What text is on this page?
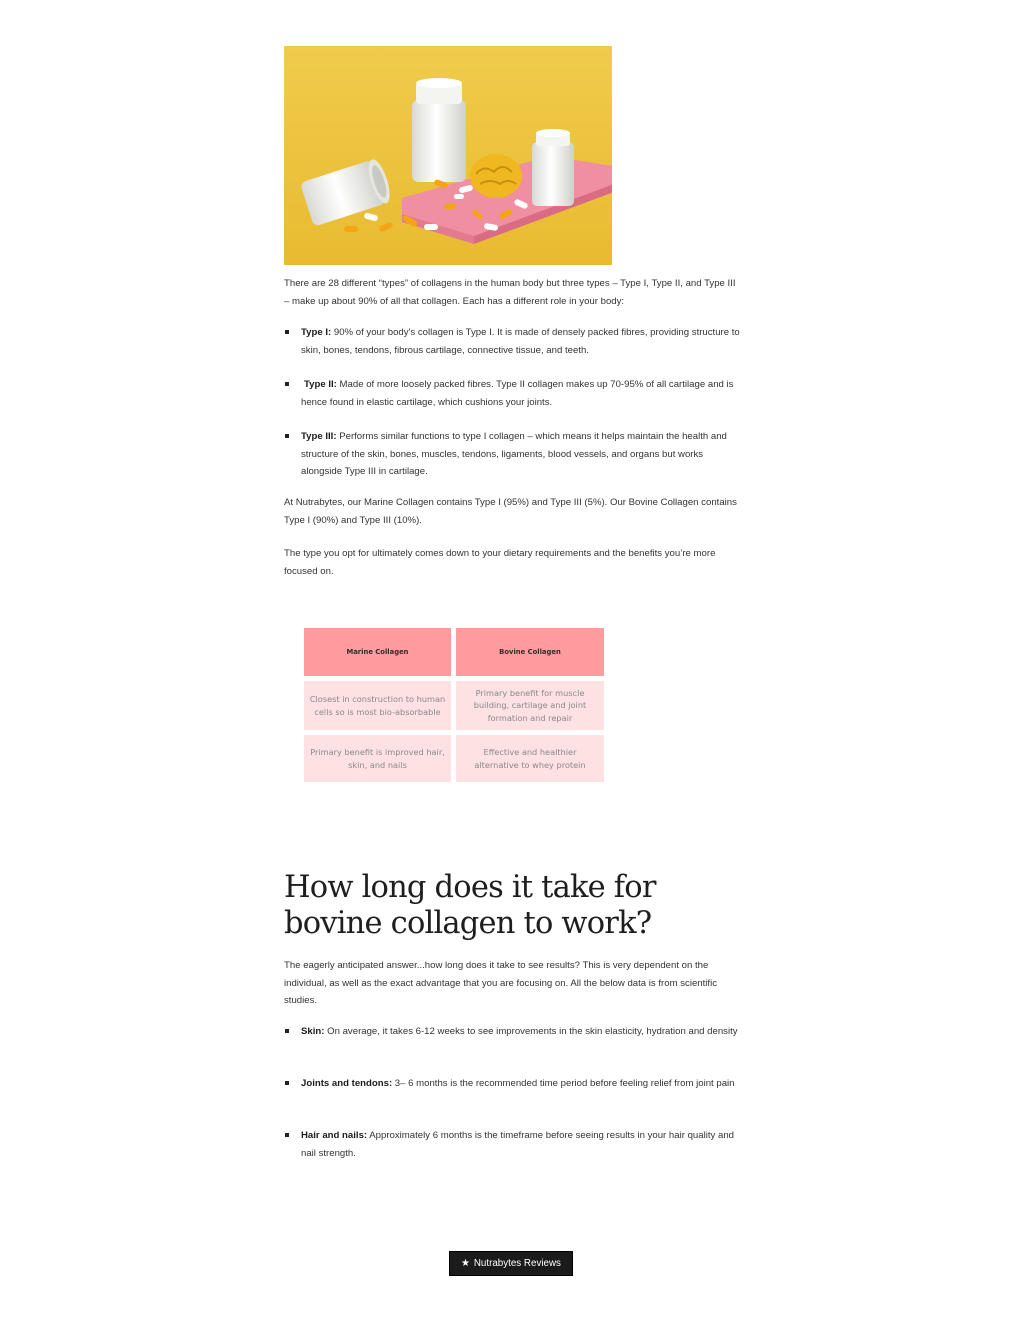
There are 28 different “types” of collagens in the human body but three types – Type I, Type II, and Type III – make up about 90% of all that collagen. Each has a different role in your body:

Type I: 90% of your body's collagen is Type I. It is made of densely packed fibres, providing structure to skin, bones, tendons, fibrous cartilage, connective tissue, and teeth.
Type II: Made of more loosely packed fibres. Type II collagen makes up 70-95% of all cartilage and is hence found in elastic cartilage, which cushions your joints.
Type III: Performs similar functions to type I collagen – which means it helps maintain the health and structure of the skin, bones, muscles, tendons, ligaments, blood vessels, and organs but works alongside Type III in cartilage.

At Nutrabytes, our Marine Collagen contains Type I (95%) and Type III (5%). Our Bovine Collagen contains Type I (90%) and Type III (10%).

The type you opt for ultimately comes down to your dietary requirements and the benefits you’re more focused on.

Marine Collagen	Bovine Collagen
Closest in construction to human cells so is most bio-absorbable
Primary benefit for muscle building, cartilage and joint formation and repair
Primary benefit is improved hair, skin, and nails
Effective and healthier alternative to whey protein
How long does it take for bovine collagen to work?

The eagerly anticipated answer...how long does it take to see results? This is very dependent on the individual, as well as the exact advantage that you are focusing on. All the below data is from scientific studies.

Skin: On average, it takes 6-12 weeks to see improvements in the skin elasticity, hydration and density
Joints and tendons: 3– 6 months is the recommended time period before feeling relief from joint pain
Hair and nails: Approximately 6 months is the timeframe before seeing results in your hair quality and nail strength.
★ Nutrabytes Reviews
